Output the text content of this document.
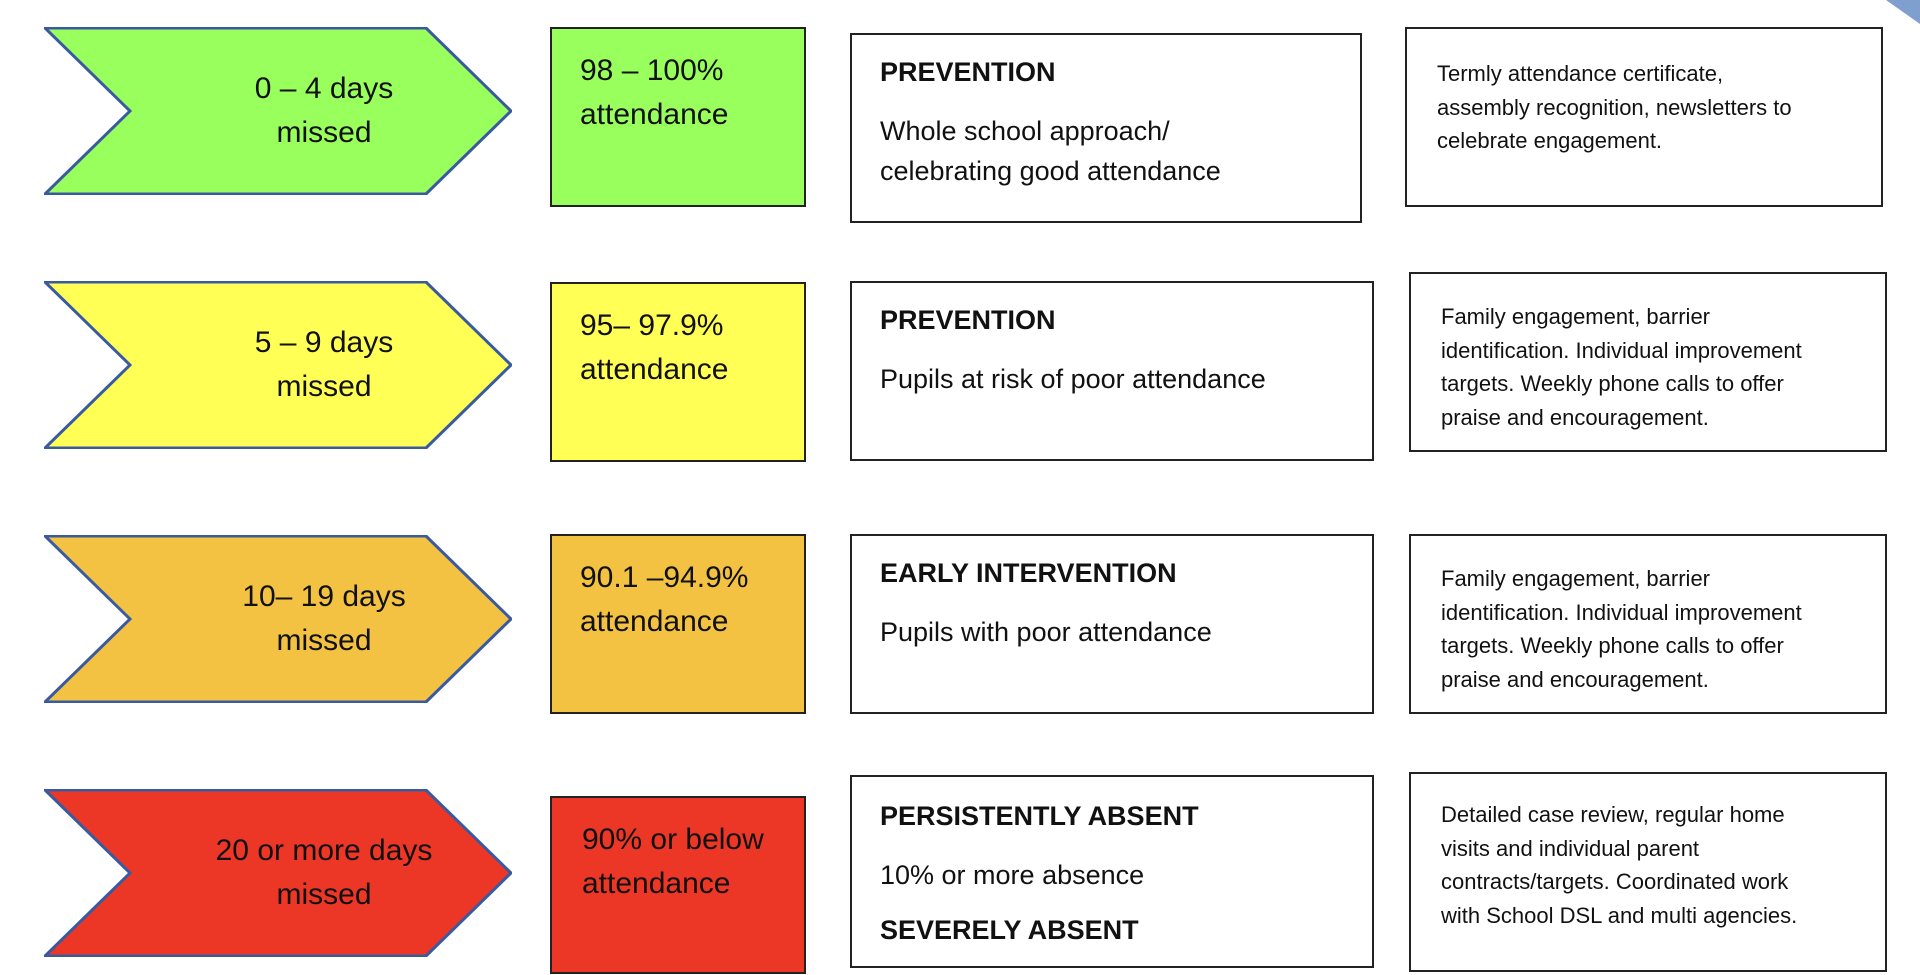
0 – 4 days
missed
98 – 100%
attendance
PREVENTION
Whole school approach/
celebrating good attendance
Termly attendance certificate,
assembly recognition, newsletters to
celebrate engagement.
5 – 9 days
missed
95– 97.9%
attendance
PREVENTION
Pupils at risk of poor attendance
Family engagement, barrier
identification. Individual improvement
targets. Weekly phone calls to offer
praise and encouragement.
10– 19 days
missed
90.1 –94.9%
attendance
EARLY INTERVENTION
Pupils with poor attendance
Family engagement, barrier
identification. Individual improvement
targets. Weekly phone calls to offer
praise and encouragement.
20 or more days
missed
90% or below
attendance
PERSISTENTLY ABSENT
10% or more absence
SEVERELY ABSENT
Detailed case review, regular home
visits and individual parent
contracts/targets. Coordinated work
with School DSL and multi agencies.
